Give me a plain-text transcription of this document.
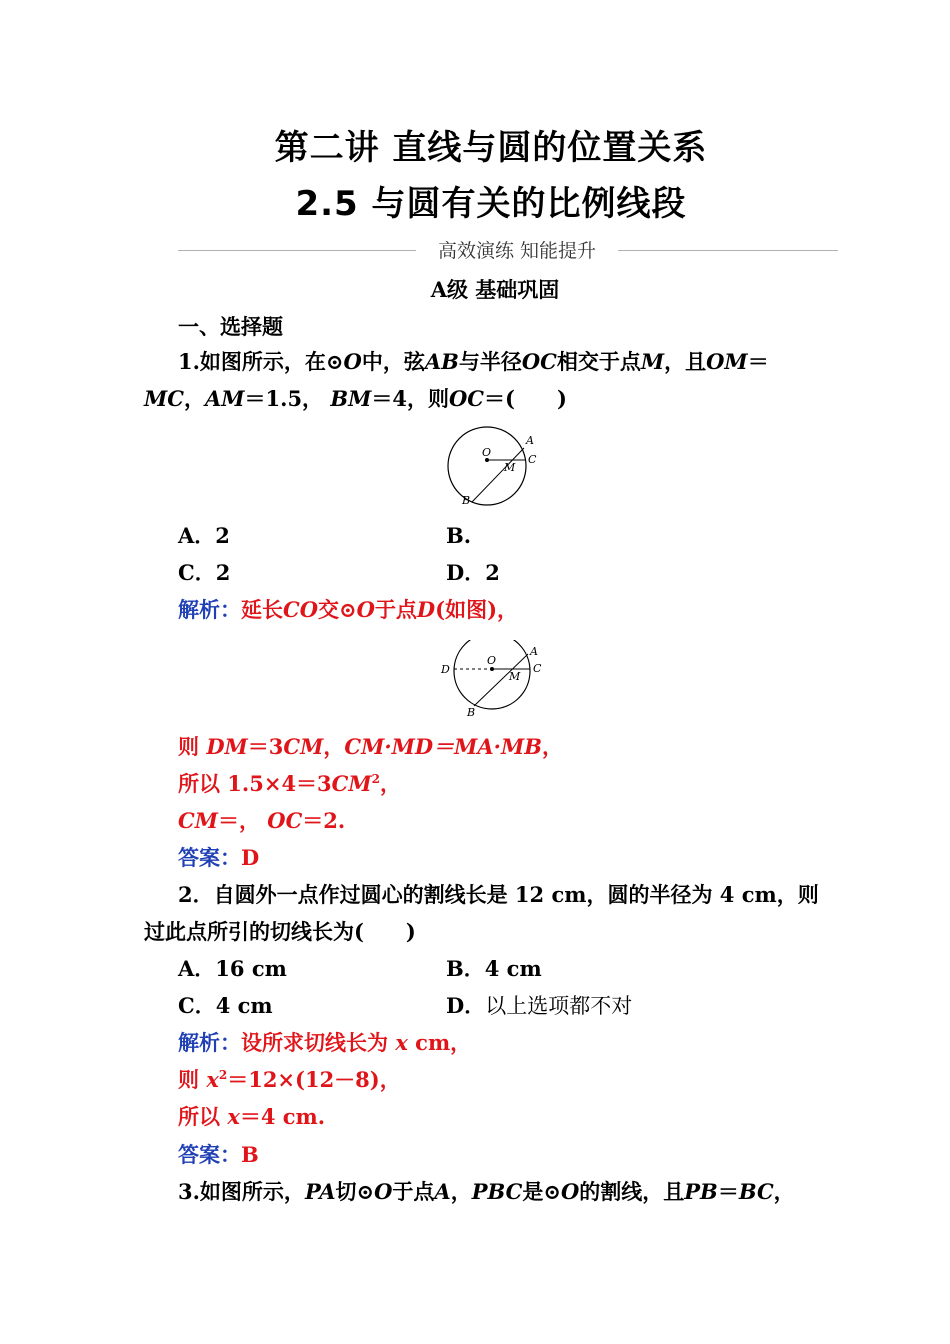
第二讲 直线与圆的位置关系
2.5 与圆有关的比例线段
高效演练 知能提升
A级 基础巩固
一、选择题
1.如图所示，在⊙O中，弦AB与半径OC相交于点M，且OM＝
MC，AM＝1.5， BM＝4，则OC＝(　　)
O
A
C
M
B
A．2	B.
C．2	D．2
解析：延长CO交⊙O于点D(如图)，
D
O
A
C
M
B
则 DM＝3CM，CM·MD＝MA·MB，
所以 $1.5\times 4=3CM^2$，
CM＝， OC＝2.
答案：D
2．自圆外一点作过圆心的割线长是 12 cm，圆的半径为 4 cm，则
过此点所引的切线长为(　　)
A．16 cm	B．4 cm
C．4 cm	D．以上选项都不对
解析：设所求切线长为 x cm，
则 $x^2=12\times(12-8)$，
所以 x＝4 cm.
答案：B
3.如图所示，PA切⊙O于点A，PBC是⊙O的割线，且PB＝BC，
